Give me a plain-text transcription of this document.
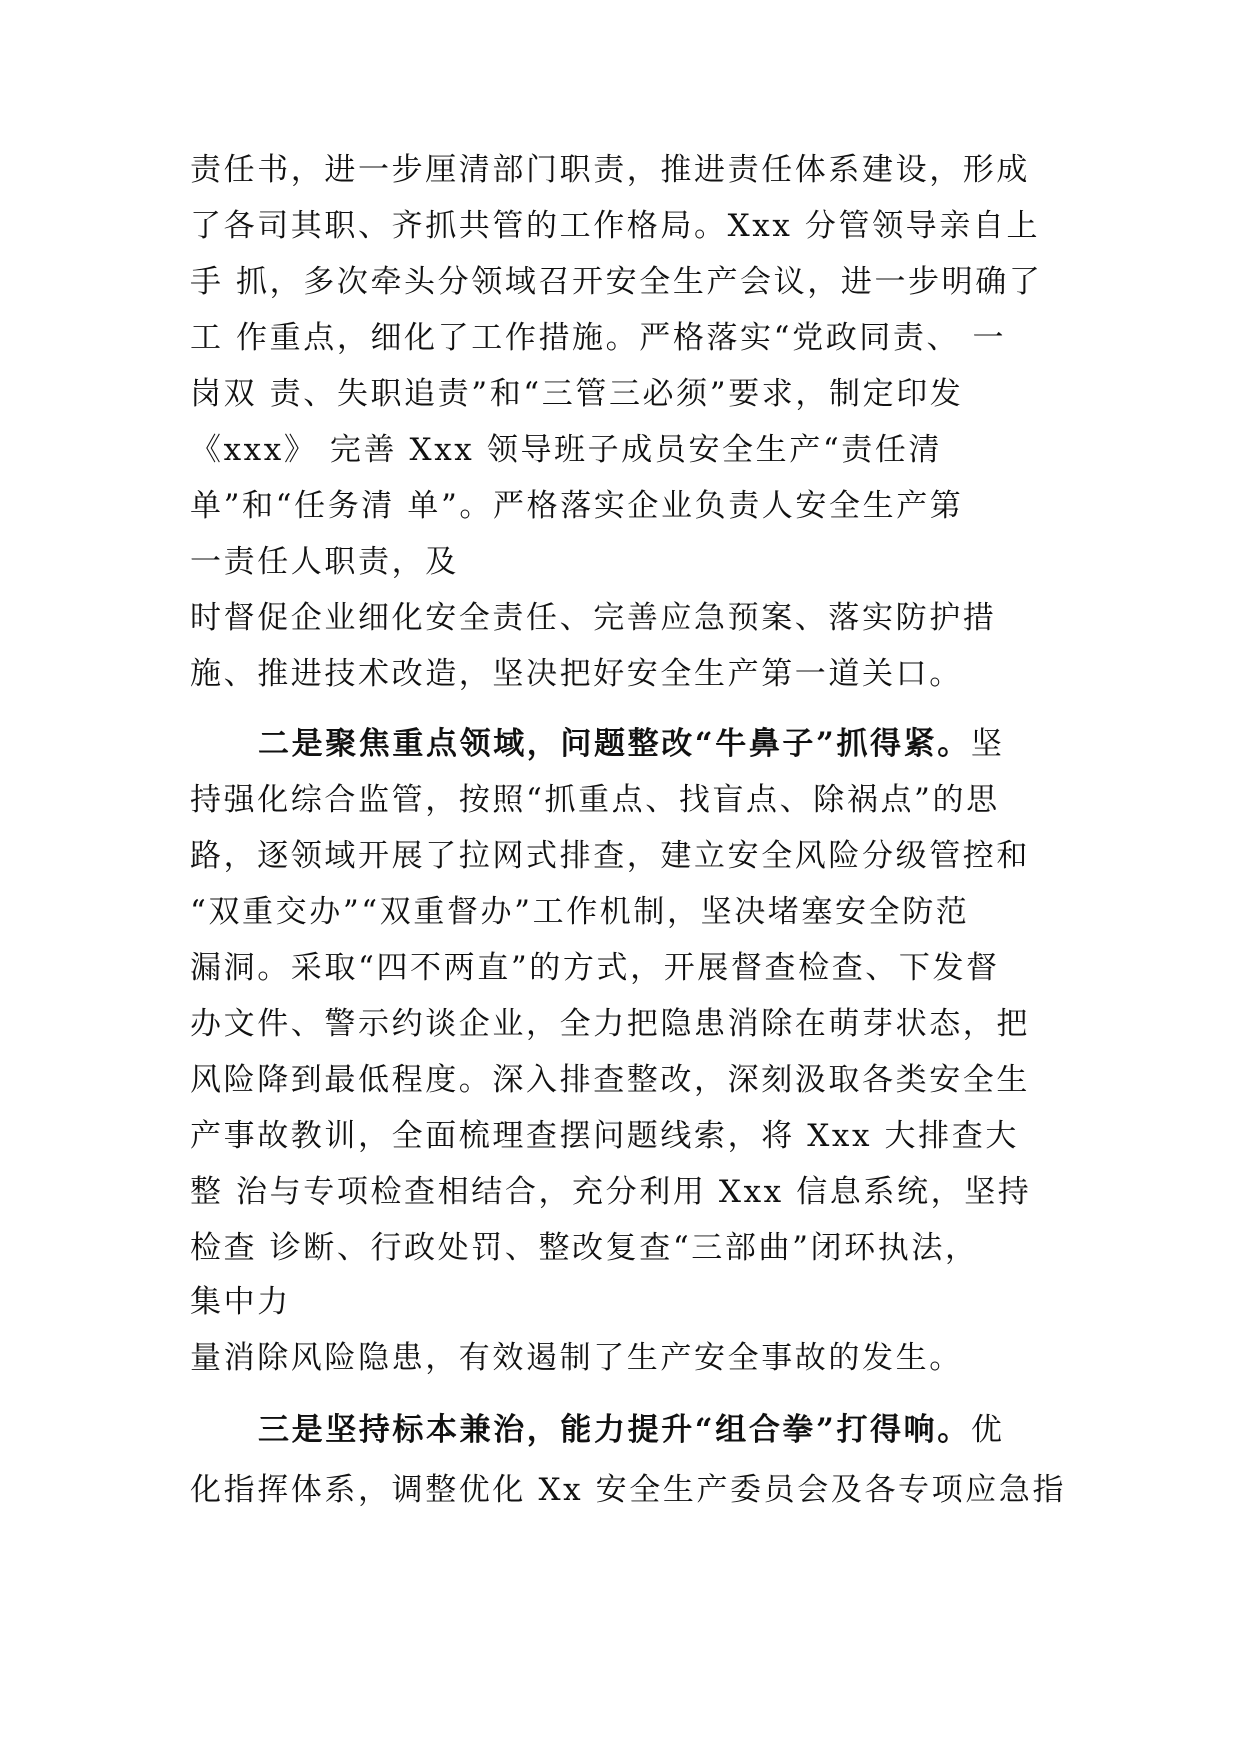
责任书，进一步厘清部门职责，推进责任体系建设，形成
了各司其职、齐抓共管的工作格局。Xxx 分管领导亲自上
手 抓，多次牵头分领域召开安全生产会议，进一步明确了
工 作重点，细化了工作措施。严格落实“党政同责、 一
岗双 责、失职追责”和“三管三必须”要求，制定印发
《xxx》 完善 Xxx 领导班子成员安全生产“责任清
单”和“任务清 单”。严格落实企业负责人安全生产第
一责任人职责，及
时督促企业细化安全责任、完善应急预案、落实防护措
施、推进技术改造，坚决把好安全生产第一道关口。
二是聚焦重点领域，问题整改“牛鼻子”抓得紧。坚
持强化综合监管，按照“抓重点、找盲点、除祸点”的思
路，逐领域开展了拉网式排查，建立安全风险分级管控和
“双重交办”“双重督办”工作机制，坚决堵塞安全防范
漏洞。采取“四不两直”的方式，开展督查检查、下发督
办文件、警示约谈企业，全力把隐患消除在萌芽状态，把
风险降到最低程度。深入排查整改，深刻汲取各类安全生
产事故教训，全面梳理查摆问题线索，将 Xxx 大排查大
整 治与专项检查相结合，充分利用 Xxx 信息系统，坚持
检查 诊断、行政处罚、整改复查“三部曲”闭环执法，
集中力
量消除风险隐患，有效遏制了生产安全事故的发生。
三是坚持标本兼治，能力提升“组合拳”打得响。优
化指挥体系，调整优化 Xx 安全生产委员会及各专项应急指
